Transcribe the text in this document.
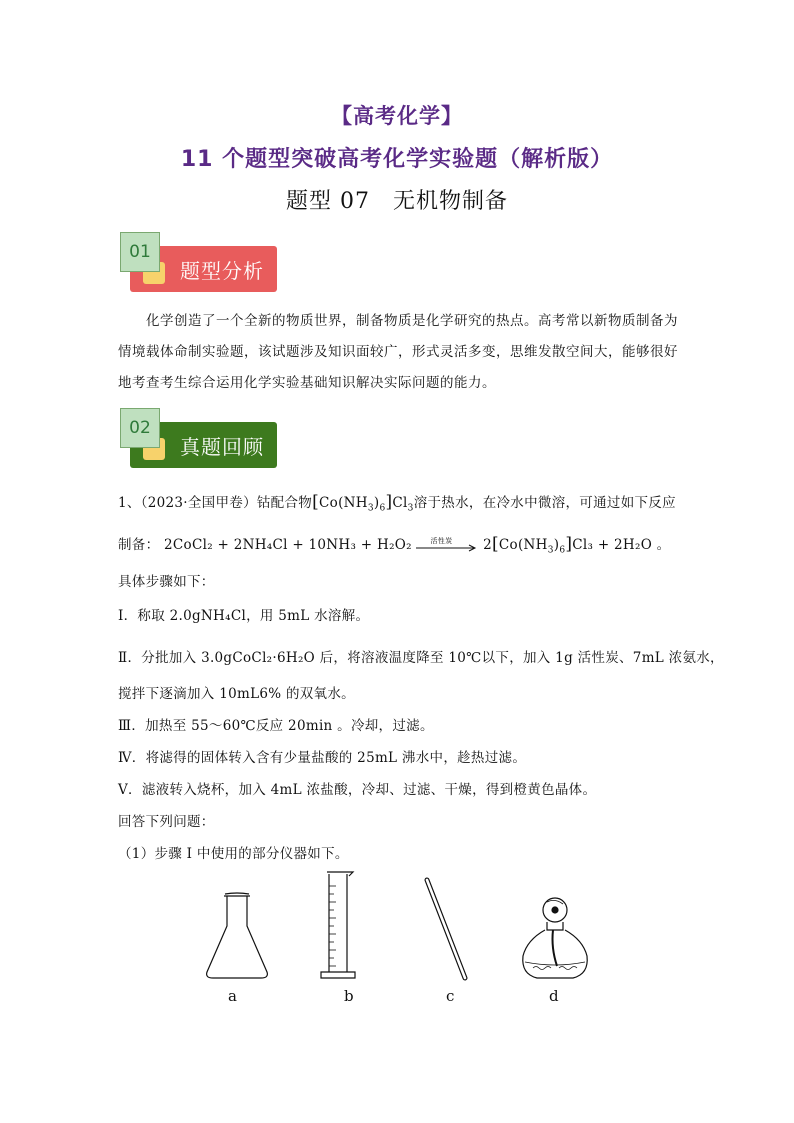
【高考化学】
11 个题型突破高考化学实验题（解析版）
题型 07　无机物制备
题型分析
01
化学创造了一个全新的物质世界，制备物质是化学研究的热点。高考常以新物质制备为情境载体命制实验题，该试题涉及知识面较广，形式灵活多变，思维发散空间大，能够很好地考查考生综合运用化学实验基础知识解决实际问题的能力。
真题回顾
02
1、（2023·全国甲卷）钴配合物$[Co(NH_3)_6]Cl_3$溶于热水，在冷水中微溶，可通过如下反应
制备： 2CoCl₂ + 2NH₄Cl + 10NH₃ + H₂O₂	活性炭 $2[Co(NH_3)_6]Cl_3 + 2H_2O$ 。
具体步骤如下：
Ⅰ．称取 2.0gNH₄Cl，用 5mL 水溶解。
Ⅱ．分批加入 3.0gCoCl₂·6H₂O 后，将溶液温度降至 10℃以下，加入 1g 活性炭、7mL 浓氨水，
搅拌下逐滴加入 10mL6% 的双氧水。
Ⅲ．加热至 55～60℃反应 20min 。冷却，过滤。
Ⅳ．将滤得的固体转入含有少量盐酸的 25mL 沸水中，趁热过滤。
Ⅴ．滤液转入烧杯，加入 4mL 浓盐酸，冷却、过滤、干燥，得到橙黄色晶体。
回答下列问题：
（1）步骤 I 中使用的部分仪器如下。
a	b	c	d
